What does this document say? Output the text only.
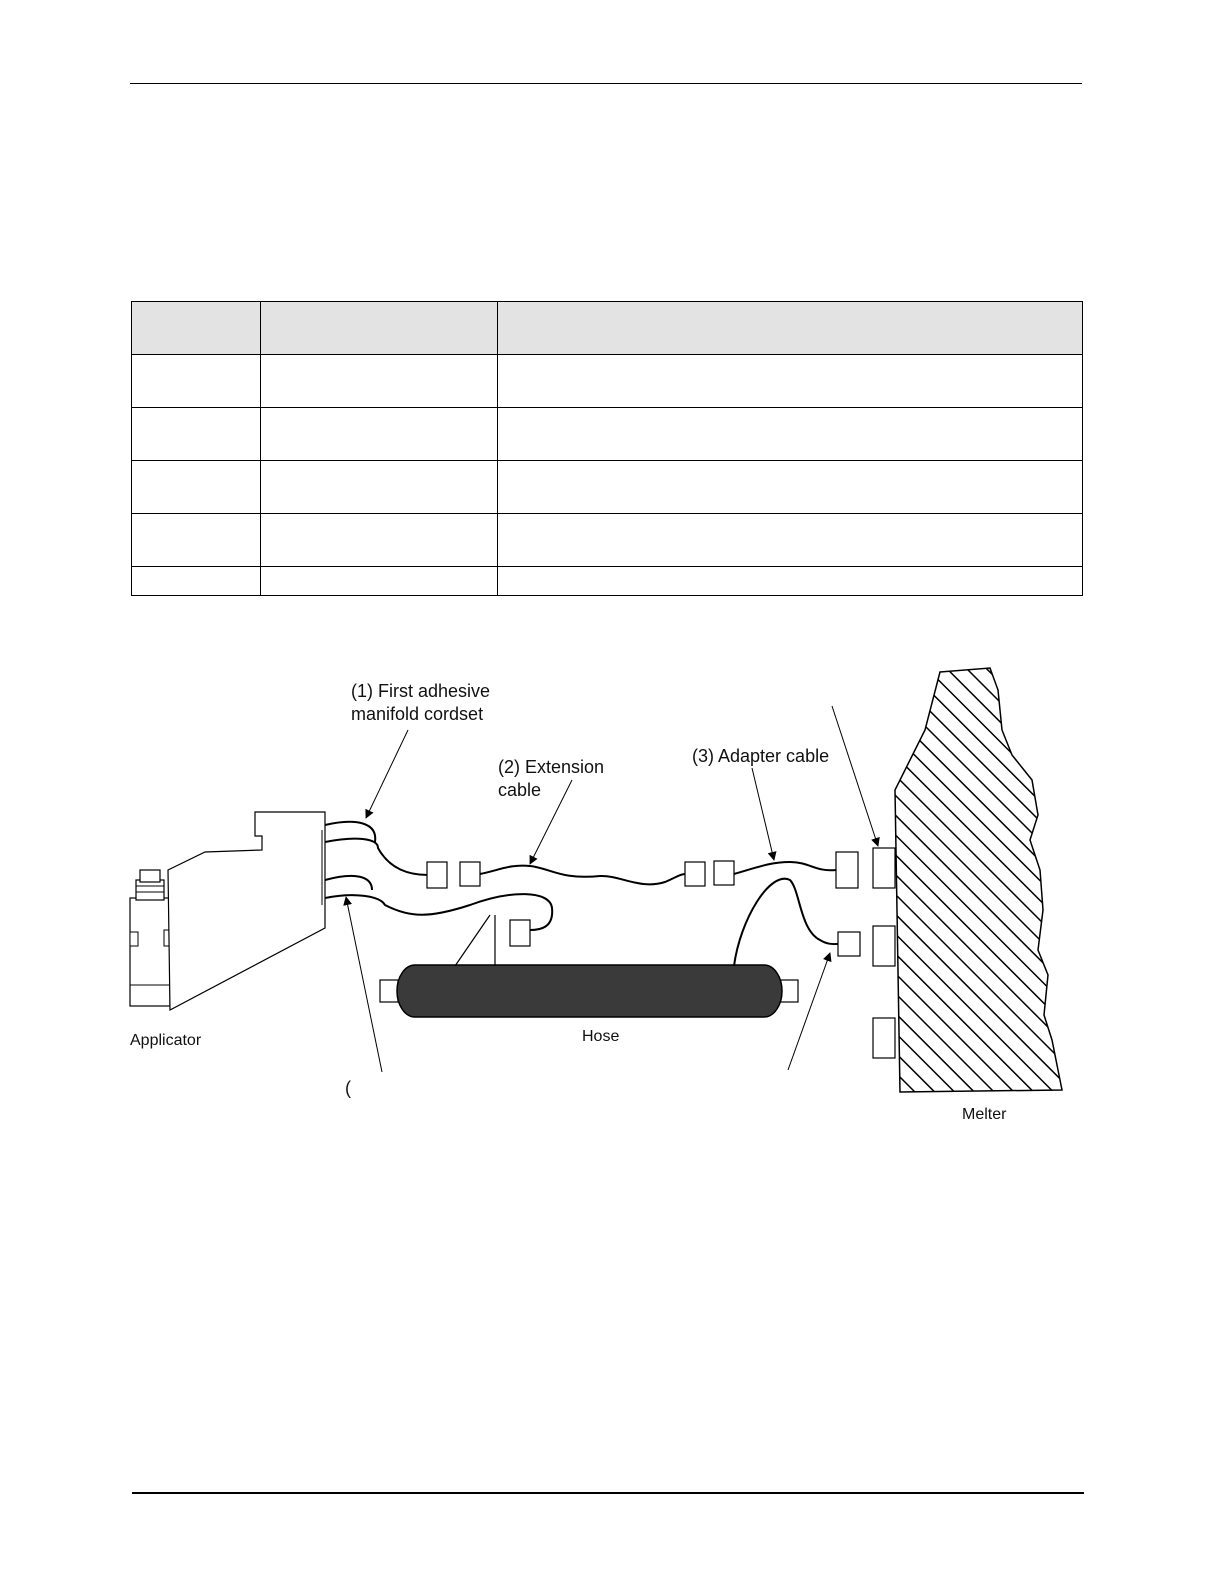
(1) First adhesive
manifold cordset
(2) Extension
cable
(3) Adapter cable
Applicator	Hose
Melter
(
